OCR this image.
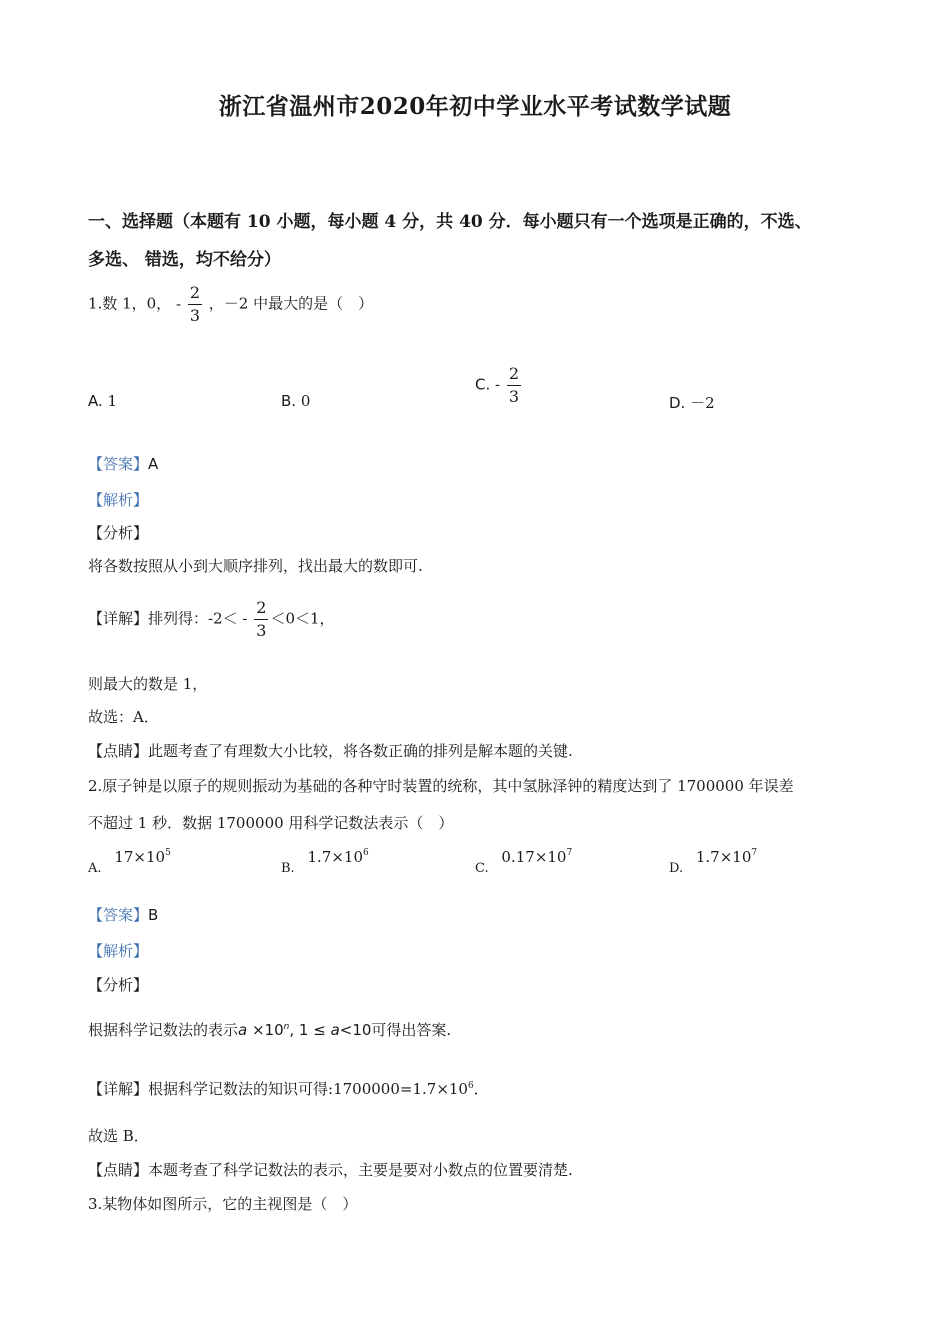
浙江省温州市2020年初中学业水平考试数学试题
一、选择题（本题有 10 小题，每小题 4 分，共 40 分．每小题只有一个选项是正确的，不选、
多选、 错选，均不给分）
1.数 1，0， - $\frac{2}{3}$ ，－2 中最大的是（　）
A. 1	B. 0
C. - $\frac{2}{3}$	D. －2
【答案】A
【解析】
【分析】
将各数按照从小到大顺序排列，找出最大的数即可.
【详解】排列得：$-2< - \frac{2}{3} <0<1$，
则最大的数是 1，
故选：A．
【点睛】此题考查了有理数大小比较，将各数正确的排列是解本题的关键.
2.原子钟是以原子的规则振动为基础的各种守时装置的统称，其中氢脉泽钟的精度达到了 1700000 年误差
不超过 1 秒．数据 1700000 用科学记数法表示（　）
A. $17\times 10^5$
B. $1.7\times 10^6$
C. $0.17\times 10^7$
D. $1.7\times 10^7$
【答案】B
【解析】
【分析】
根据科学记数法的表示$a \times 10^n$, 1 ≤ a<10可得出答案.
【详解】根据科学记数法的知识可得$:1700000=1.7\times 10^6$．
故选 B．
【点睛】本题考查了科学记数法的表示，主要是要对小数点的位置要清楚.
3.某物体如图所示，它的主视图是（　）
